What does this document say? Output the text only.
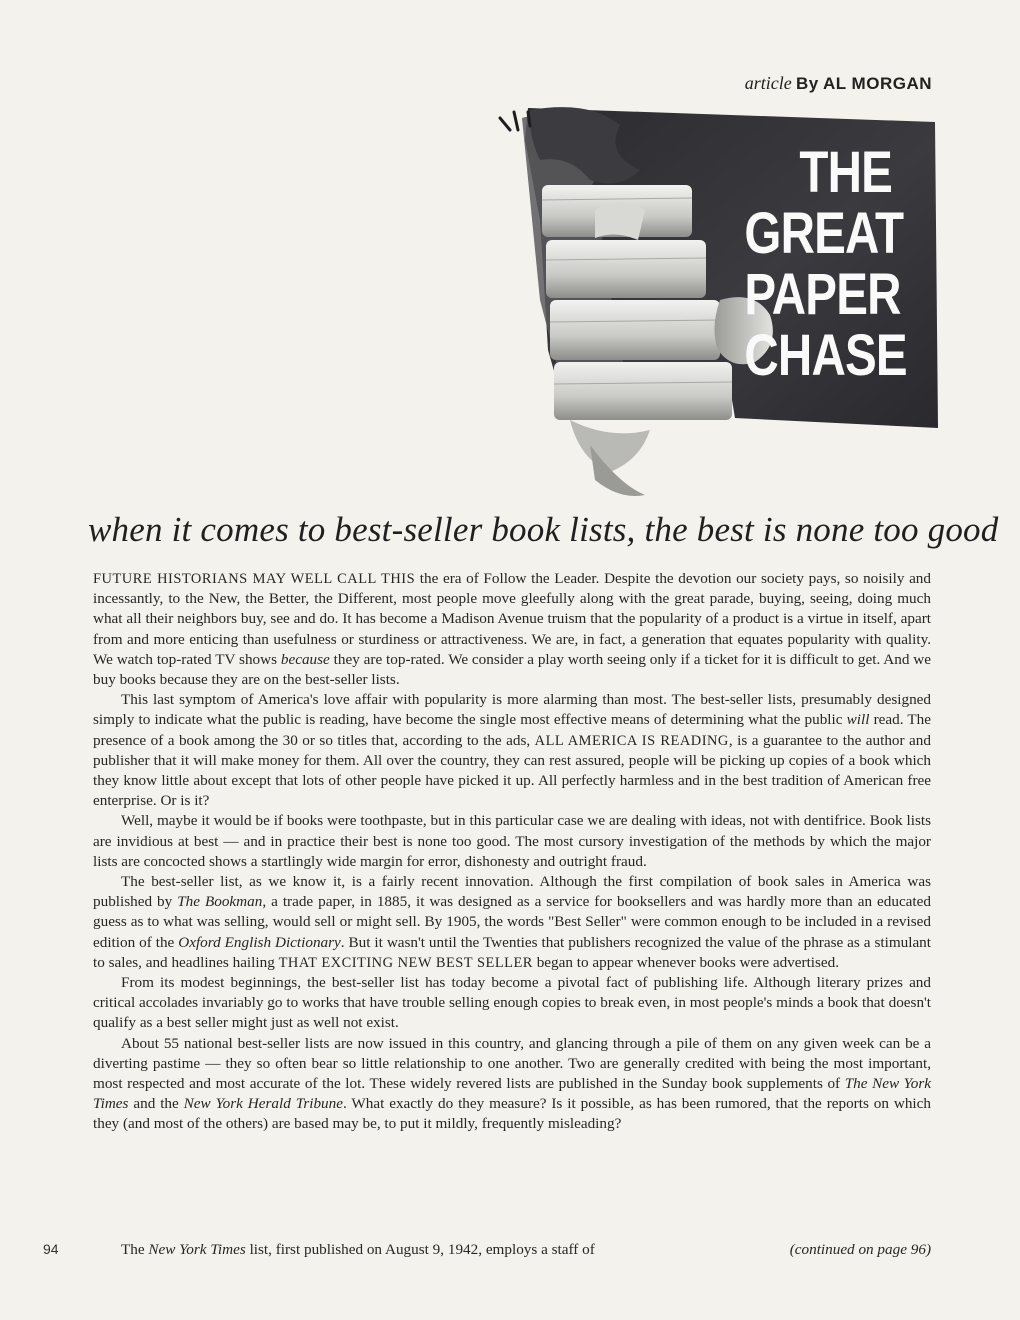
article By AL MORGAN
THE
GREAT
PAPER
CHASE
when it comes to best-seller book lists, the best is none too good

FUTURE HISTORIANS MAY WELL CALL THIS the era of Follow the Leader. Despite the devotion our society pays, so noisily and incessantly, to the New, the Better, the Different, most people move gleefully along with the great parade, buying, seeing, doing much what all their neighbors buy, see and do. It has become a Madison Avenue truism that the popularity of a product is a virtue in itself, apart from and more enticing than usefulness or sturdiness or attractiveness. We are, in fact, a generation that equates popularity with quality. We watch top-rated TV shows because they are top-rated. We consider a play worth seeing only if a ticket for it is difficult to get. And we buy books because they are on the best-seller lists.

This last symptom of America's love affair with popularity is more alarming than most. The best-seller lists, presumably designed simply to indicate what the public is reading, have become the single most effective means of determining what the public will read. The presence of a book among the 30 or so titles that, according to the ads, ALL AMERICA IS READING, is a guarantee to the author and publisher that it will make money for them. All over the country, they can rest assured, people will be picking up copies of a book which they know little about except that lots of other people have picked it up. All perfectly harmless and in the best tradition of American free enterprise. Or is it?

Well, maybe it would be if books were toothpaste, but in this particular case we are dealing with ideas, not with dentifrice. Book lists are invidious at best — and in practice their best is none too good. The most cursory investigation of the methods by which the major lists are concocted shows a startlingly wide margin for error, dishonesty and outright fraud.

The best-seller list, as we know it, is a fairly recent innovation. Although the first compilation of book sales in America was published by The Bookman, a trade paper, in 1885, it was designed as a service for booksellers and was hardly more than an educated guess as to what was selling, would sell or might sell. By 1905, the words "Best Seller" were common enough to be included in a revised edition of the Oxford English Dictionary. But it wasn't until the Twenties that publishers recognized the value of the phrase as a stimulant to sales, and headlines hailing THAT EXCITING NEW BEST SELLER began to appear whenever books were advertised.

From its modest beginnings, the best-seller list has today become a pivotal fact of publishing life. Although literary prizes and critical accolades invariably go to works that have trouble selling enough copies to break even, in most people's minds a book that doesn't qualify as a best seller might just as well not exist.

About 55 national best-seller lists are now issued in this country, and glancing through a pile of them on any given week can be a diverting pastime — they so often bear so little relationship to one another. Two are generally credited with being the most important, most respected and most accurate of the lot. These widely revered lists are published in the Sunday book supplements of The New York Times and the New York Herald Tribune. What exactly do they measure? Is it possible, as has been rumored, that the reports on which they (and most of the others) are based may be, to put it mildly, frequently misleading?

94	The New York Times list, first published on August 9, 1942, employs a staff of	(continued on page 96)
